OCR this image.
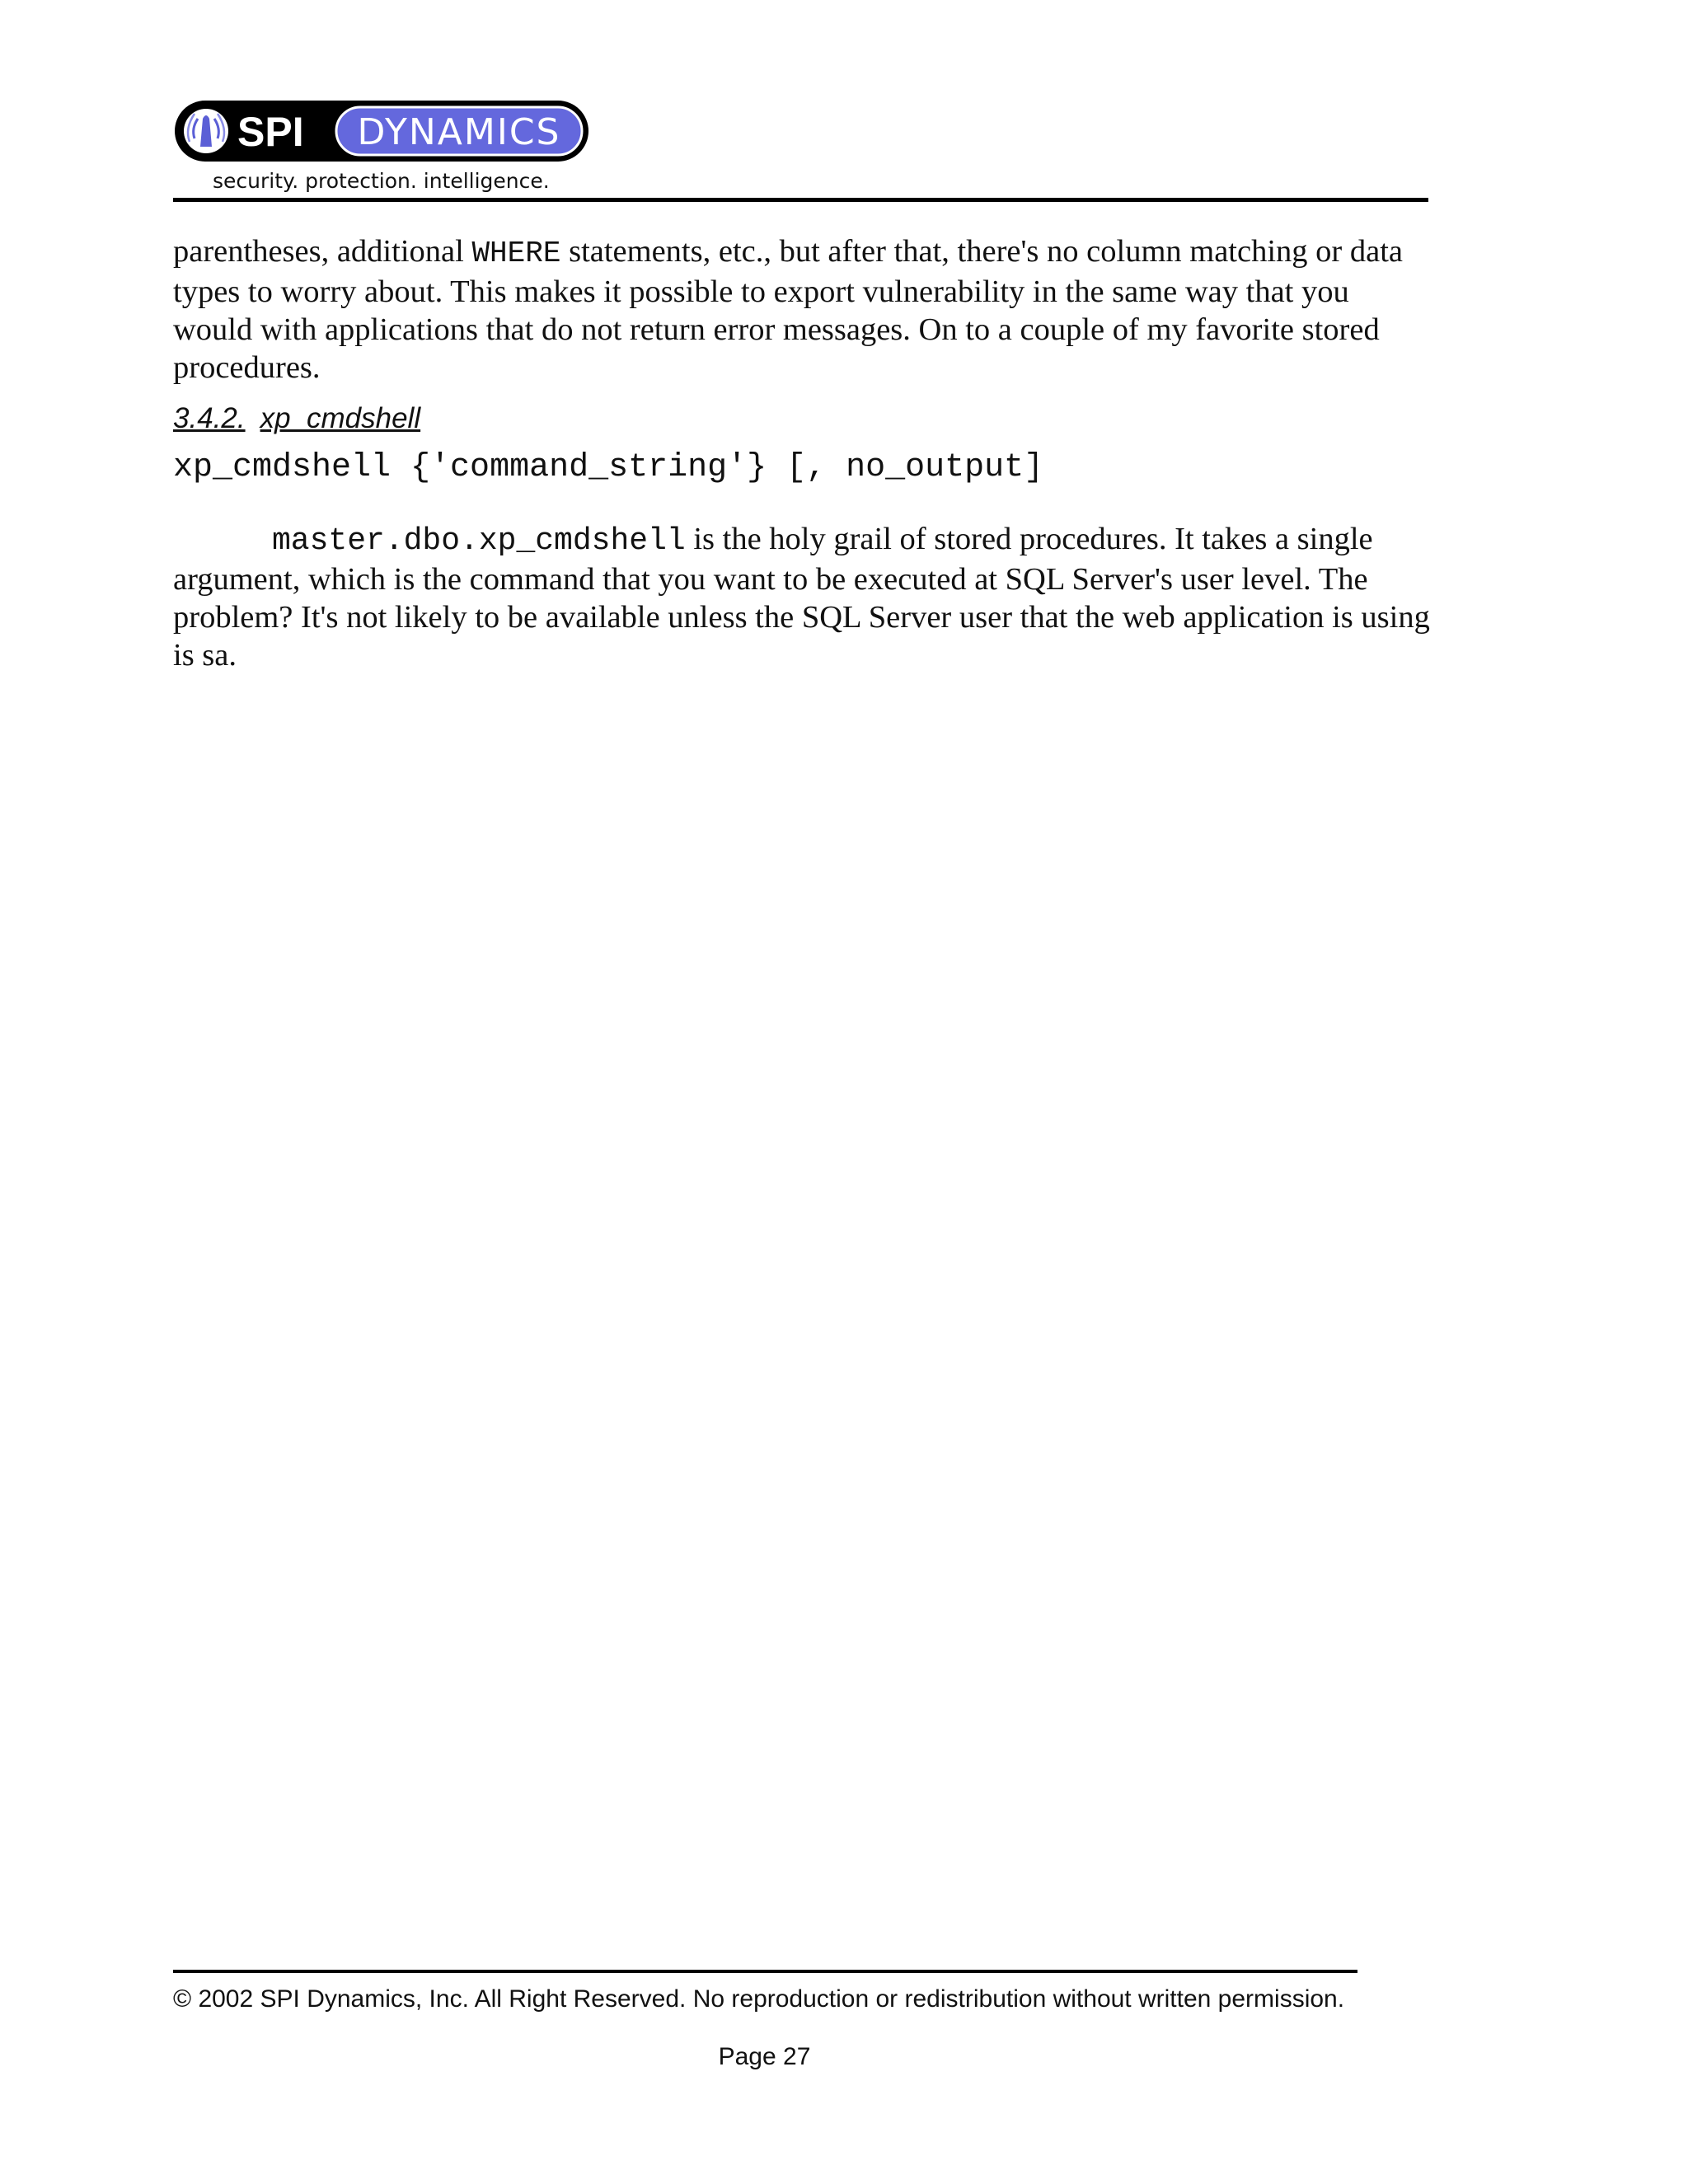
SPI DYNAMICS
security. protection. intelligence.

parentheses, additional WHERE statements, etc., but after that, there's no column matching or data types to worry about. This makes it possible to export vulnerability in the same way that you would with applications that do not return error messages. On to a couple of my favorite stored procedures.

3.4.2. xp_cmdshell

xp_cmdshell {'command_string'} [, no_output]

master.dbo.xp_cmdshell is the holy grail of stored procedures. It takes a single argument, which is the command that you want to be executed at SQL Server's user level. The problem? It's not likely to be available unless the SQL Server user that the web application is using is sa.

© 2002 SPI Dynamics, Inc. All Right Reserved. No reproduction or redistribution without written permission.
Page 27
